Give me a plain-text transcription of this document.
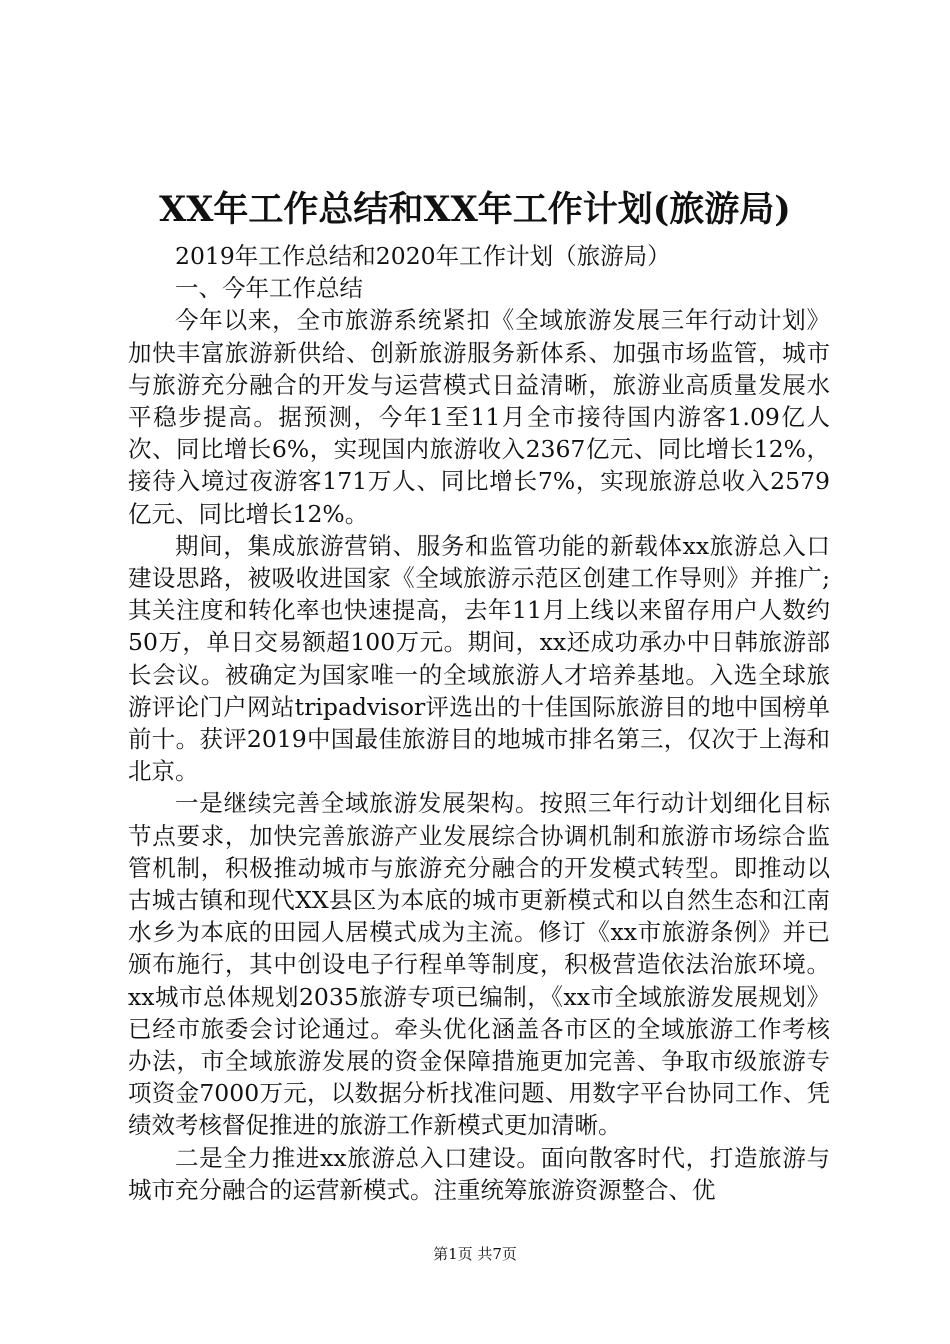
XX年工作总结和XX年工作计划(旅游局)

2019年工作总结和2020年工作计划（旅游局）

一、今年工作总结

今年以来，全市旅游系统紧扣《全域旅游发展三年行动计划》加快丰富旅游新供给、创新旅游服务新体系、加强市场监管，城市与旅游充分融合的开发与运营模式日益清晰，旅游业高质量发展水平稳步提高。据预测，今年1至11月全市接待国内游客1.09亿人次、同比增长6%，实现国内旅游收入2367亿元、同比增长12%，接待入境过夜游客171万人、同比增长7%，实现旅游总收入2579亿元、同比增长12%。

期间，集成旅游营销、服务和监管功能的新载体xx旅游总入口建设思路，被吸收进国家《全域旅游示范区创建工作导则》并推广;其关注度和转化率也快速提高，去年11月上线以来留存用户人数约50万，单日交易额超100万元。期间，xx还成功承办中日韩旅游部长会议。被确定为国家唯一的全域旅游人才培养基地。入选全球旅游评论门户网站tripadvisor评选出的十佳国际旅游目的地中国榜单前十。获评2019中国最佳旅游目的地城市排名第三，仅次于上海和北京。

一是继续完善全域旅游发展架构。按照三年行动计划细化目标节点要求，加快完善旅游产业发展综合协调机制和旅游市场综合监管机制，积极推动城市与旅游充分融合的开发模式转型。即推动以古城古镇和现代XX县区为本底的城市更新模式和以自然生态和江南水乡为本底的田园人居模式成为主流。修订《xx市旅游条例》并已颁布施行，其中创设电子行程单等制度，积极营造依法治旅环境。xx城市总体规划2035旅游专项已编制，《xx市全域旅游发展规划》已经市旅委会讨论通过。牵头优化涵盖各市区的全域旅游工作考核办法，市全域旅游发展的资金保障措施更加完善、争取市级旅游专项资金7000万元，以数据分析找准问题、用数字平台协同工作、凭绩效考核督促推进的旅游工作新模式更加清晰。

二是全力推进xx旅游总入口建设。面向散客时代，打造旅游与城市充分融合的运营新模式。注重统筹旅游资源整合、优

第1页 共7页
